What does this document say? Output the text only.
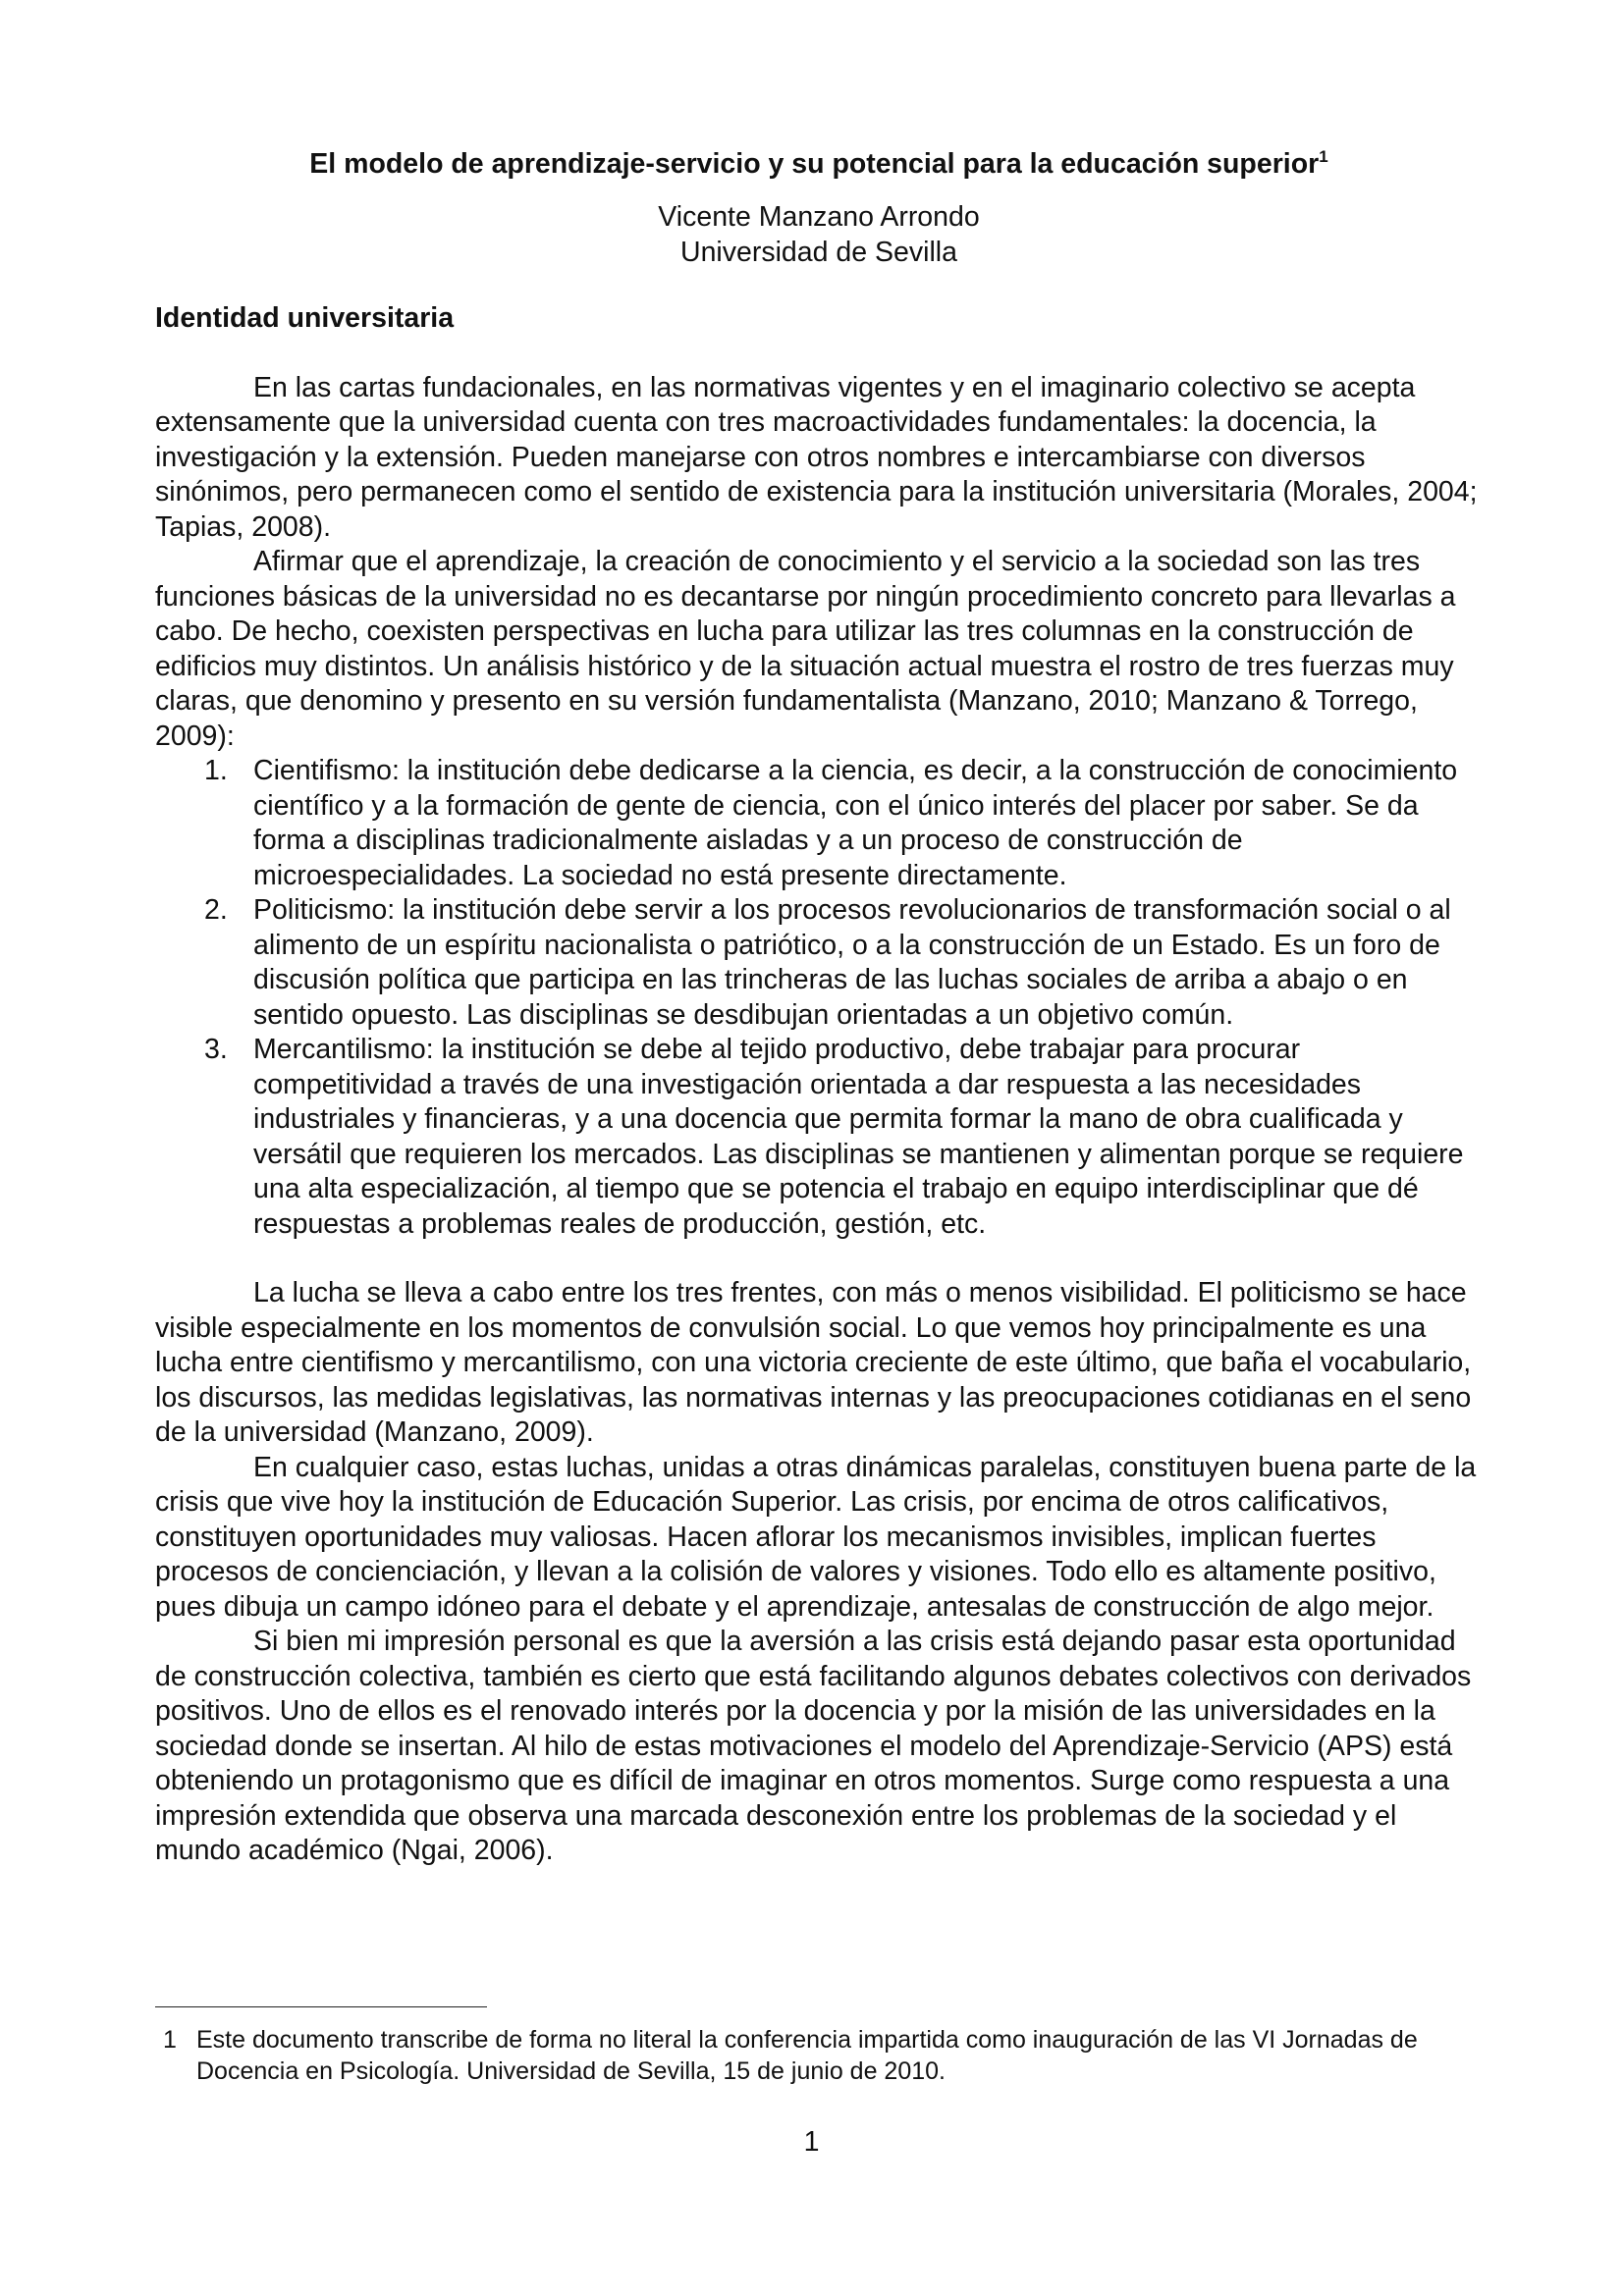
El modelo de aprendizaje-servicio y su potencial para la educación superior$^1$
Vicente Manzano Arrondo
Universidad de Sevilla
Identidad universitaria

En las cartas fundacionales, en las normativas vigentes y en el imaginario colectivo se acepta extensamente que la universidad cuenta con tres macroactividades fundamentales: la docencia, la investigación y la extensión. Pueden manejarse con otros nombres e intercambiarse con diversos sinónimos, pero permanecen como el sentido de existencia para la institución universitaria (Morales, 2004; Tapias, 2008).

Afirmar que el aprendizaje, la creación de conocimiento y el servicio a la sociedad son las tres funciones básicas de la universidad no es decantarse por ningún procedimiento concreto para llevarlas a cabo. De hecho, coexisten perspectivas en lucha para utilizar las tres columnas en la construcción de edificios muy distintos. Un análisis histórico y de la situación actual muestra el rostro de tres fuerzas muy claras, que denomino y presento en su versión fundamentalista (Manzano, 2010; Manzano & Torrego, 2009):

1. Cientifismo: la institución debe dedicarse a la ciencia, es decir, a la construcción de conocimiento científico y a la formación de gente de ciencia, con el único interés del placer por saber. Se da forma a disciplinas tradicionalmente aisladas y a un proceso de construcción de microespecialidades. La sociedad no está presente directamente.
2. Politicismo: la institución debe servir a los procesos revolucionarios de transformación social o al alimento de un espíritu nacionalista o patriótico, o a la construcción de un Estado. Es un foro de discusión política que participa en las trincheras de las luchas sociales de arriba a abajo o en sentido opuesto. Las disciplinas se desdibujan orientadas a un objetivo común.
3. Mercantilismo: la institución se debe al tejido productivo, debe trabajar para procurar competitividad a través de una investigación orientada a dar respuesta a las necesidades industriales y financieras, y a una docencia que permita formar la mano de obra cualificada y versátil que requieren los mercados. Las disciplinas se mantienen y alimentan porque se requiere una alta especialización, al tiempo que se potencia el trabajo en equipo interdisciplinar que dé respuestas a problemas reales de producción, gestión, etc.

La lucha se lleva a cabo entre los tres frentes, con más o menos visibilidad. El politicismo se hace visible especialmente en los momentos de convulsión social. Lo que vemos hoy principalmente es una lucha entre cientifismo y mercantilismo, con una victoria creciente de este último, que baña el vocabulario, los discursos, las medidas legislativas, las normativas internas y las preocupaciones cotidianas en el seno de la universidad (Manzano, 2009).

En cualquier caso, estas luchas, unidas a otras dinámicas paralelas, constituyen buena parte de la crisis que vive hoy la institución de Educación Superior. Las crisis, por encima de otros calificativos, constituyen oportunidades muy valiosas. Hacen aflorar los mecanismos invisibles, implican fuertes procesos de concienciación, y llevan a la colisión de valores y visiones. Todo ello es altamente positivo, pues dibuja un campo idóneo para el debate y el aprendizaje, antesalas de construcción de algo mejor.

Si bien mi impresión personal es que la aversión a las crisis está dejando pasar esta oportunidad de construcción colectiva, también es cierto que está facilitando algunos debates colectivos con derivados positivos. Uno de ellos es el renovado interés por la docencia y por la misión de las universidades en la sociedad donde se insertan. Al hilo de estas motivaciones el modelo del Aprendizaje-Servicio (APS) está obteniendo un protagonismo que es difícil de imaginar en otros momentos. Surge como respuesta a una impresión extendida que observa una marcada desconexión entre los problemas de la sociedad y el mundo académico (Ngai, 2006).

1 Este documento transcribe de forma no literal la conferencia impartida como inauguración de las VI Jornadas de Docencia en Psicología. Universidad de Sevilla, 15 de junio de 2010.
1
